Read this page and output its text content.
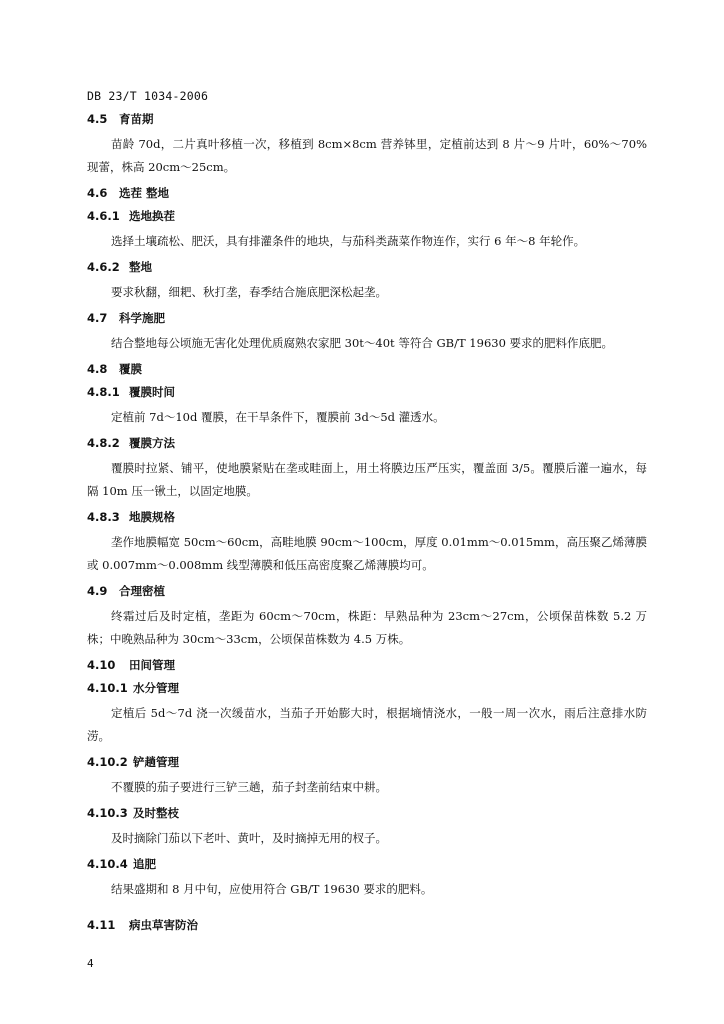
DB 23/T 1034-2006
4.5 育苗期
苗龄 70d，二片真叶移植一次，移植到 8cm×8cm 营养钵里，定植前达到 8 片～9 片叶，60%～70% 现蕾，株高 20cm～25cm。
4.6 选茬 整地
4.6.1 选地换茬
选择土壤疏松、肥沃，具有排灌条件的地块，与茄科类蔬菜作物连作，实行 6 年～8 年轮作。
4.6.2 整地
要求秋翻，细耙、秋打垄，春季结合施底肥深松起垄。
4.7 科学施肥
结合整地每公顷施无害化处理优质腐熟农家肥 30t～40t 等符合 GB/T 19630 要求的肥料作底肥。
4.8 覆膜
4.8.1 覆膜时间
定植前 7d～10d 覆膜，在干旱条件下，覆膜前 3d～5d 灌透水。
4.8.2 覆膜方法
覆膜时拉紧、铺平，使地膜紧贴在垄或畦面上，用土将膜边压严压实，覆盖面 3/5。覆膜后灌一遍水，每隔 10m 压一锹土，以固定地膜。
4.8.3 地膜规格
垄作地膜幅宽 50cm～60cm，高畦地膜 90cm～100cm，厚度 0.01mm～0.015mm，高压聚乙烯薄膜或 0.007mm～0.008mm 线型薄膜和低压高密度聚乙烯薄膜均可。
4.9 合理密植
终霜过后及时定植，垄距为 60cm～70cm，株距：早熟品种为 23cm～27cm，公顷保苗株数 5.2 万株；中晚熟品种为 30cm～33cm，公顷保苗株数为 4.5 万株。
4.10 田间管理
4.10.1 水分管理
定植后 5d～7d 浇一次缓苗水，当茄子开始膨大时，根据墒情浇水，一般一周一次水，雨后注意排水防涝。
4.10.2 铲趟管理
不覆膜的茄子要进行三铲三趟，茄子封垄前结束中耕。
4.10.3 及时整枝
及时摘除门茄以下老叶、黄叶，及时摘掉无用的杈子。
4.10.4 追肥
结果盛期和 8 月中旬，应使用符合 GB/T 19630 要求的肥料。
4.11 病虫草害防治
4
